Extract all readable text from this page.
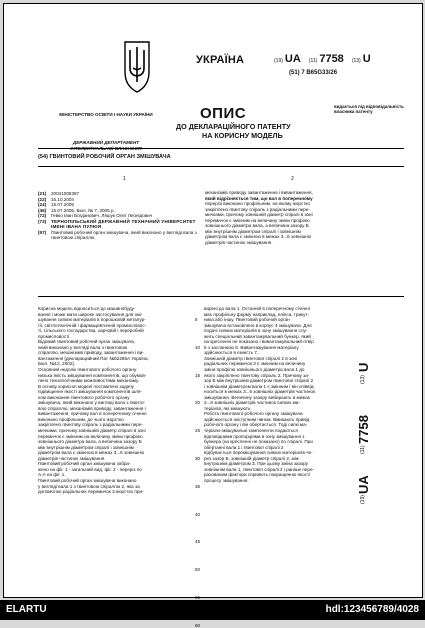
УКРАЇНА	(19) UA (11) 7758 (13) U
(51) 7 B65G33/26
МІНІСТЕРСТВО ОСВІТИ І НАУКИ УКРАЇНИ
ДЕРЖАВНИЙ ДЕПАРТАМЕНТ
ОПИС
ДО ДЕКЛАРАЦІЙНОГО ПАТЕНТУ
НА КОРИСНУ МОДЕЛЬ
видається під відповідальність власника патенту
(54) ГВИНТОВИЙ РОБОЧИЙ ОРГАН ЗМІШУВАЧА
1	2
(21)	20041008387
(22)	15.10.2004
(24)	15.07.2005
(46)	15.07.2005, Бюл. № 7, 2005 р.
(72)	Гевко Іван Богданович, Ляшук Олег Леонідович
(73)	ТЕРНОПІЛЬСЬКИЙ ДЕРЖАВНИЙ ТЕХНІЧНИЙ УНІВЕРСИТЕТ ІМЕНІ ІВАНА ПУЛЮЯ
(57)	Гвинтовий робочий орган змішувача, який виконано у вигляді вала з гвинтовою спіраллю,
механізмів приводу завантаження і вивантаження,
який відрізняється тим, що вал в поперечному
перерізі виконано профільним, на якому жорстко
закріплено гвинтову спіраль з радіальними пере-
мичками, причому зовнішній діаметр спіралі в зоні
перемичок є змінним на величину зміни профілю
зовнішнього діаметра вала, а величина зазору Б
між внутрішнім діаметром спіралі і зовнішнім
діаметром вала є змінною в межах 3...6 зовнішніх
діаметрів частинок змішування.
Корисна модель відноситься до машинобуду-
вання і може мати широке застосування для змі-
шування сипких матеріалів в порошковій металур-
гії, світлотехнічній і фармацевтичній промисловос-
ті, сільського господарства, харчовій і переробній
промисловості.
Відомий гвинтовий робочий орган змішувача,
який виконано у вигляді вала з гвинтовою
спіраллю, механізмів приводу, завантаження і ви-
вантаження [декларацийний Пат №52285А Україна,
Бюл. №12, 2002].
Основний недолік гвинтового робочого органу
низька якість змішування компонентів, що обумов-
лено технологічними можливостями механізму.
В основу корисної моделі поставлено задачу
підвищення якості змішування компонентів шля-
хом виконання гвинтового робочого органу
змішувача, який виконано у вигляді вала з гвинто-
вою спіраллю, механізмів приводу, завантаження і
вивантаження, причому вал в поперечному січенні
виконано профільним, до чього жорстко
закріплено гвинтову спіраль з радіальними пере-
мичками, причому зовнішній діаметр спіралі в зоні
перемичок є змінним на величину зміни профілю
зовнішнього діаметра вала, а величина зазору Б
між внутрішнім діаметром спіралі і зовнішнім
діаметром вала є змінною в межах 3...6 зовнішніх
діаметрів частинок змішування.
Гвинтовий робочий орган змішувача зобра-
жено на фіг. 1 - загальний вид, фіг. 2 - переріз по
А-А на фіг. 1.
Гвинтовий робочий орган змішувача виконано
у вигляді вала 1 з гвинтовою спіраллю 2, яка за
допомогою радіальних перемичок 3 жорстко при-
варені до вала 1. Останній в поперечному січенні
має профільну форму наприклад, еліпса, трикут-
ника або іншу. Гвинтовий робочий орган
змішувача встановлено в корпус 4 змішувача. Для
подачі сипких матеріалів в зону змішування слу-
жить спеціальний завантажувальний бункер, який
на кресленні не показано і вивантажувальний отвір
5 з засланкою 6. Вивантажування матеріалу
здійснюється в ємність 7.
Зовнішній діаметр гвинтової спіралі 2 в зоні
радіальних перемичок 3 є змінним на величину
зміни профілю зовнішнього діаметра вала 1 до
якого закріплено гвинтову спіраль 2. Причому за-
зор Б між внутрішнім діаметром гвинтової спіралі 2
і зовнішнім діаметром вала 1 є змінним і він співвід-
носиться в межах 3...6 зовнішніх діаметрів частинок
змішування. Величину зазору вибирають в межах
3...6 зовнішніх діаметрів частинок сипких ма-
теріалів, які змішують.
Робота гвинтового робочого органу змішувача
здійснюється наступним чином. Вмикають привід
робочого органу і він обертається. Тоді сипкі ма-
теріали-змішувальні компоненти подаються
відповідними пропорціями в зону змішування з
бункера (на кресленні не показано) по спіралі. При
обертанні вала 1 і гвинтової спіралі 2
відбувається перемішування сипких матеріалів че-
рез зазор Б, зовнішній діаметр спіралі 2, між
внутрішнім діаметром 3. При цьому зміна зазору
зовнішнім вала 1, гвинтової спіралі 2 і раніше пере-
рахованим фактори сприяють покращенню якості
процесу змішування.
(19)
UA
(11)
7758
(13)
U
5
10
15
20
25
30
35
40
45
50
55
60
ELARTU	hdl:123456789/4028
